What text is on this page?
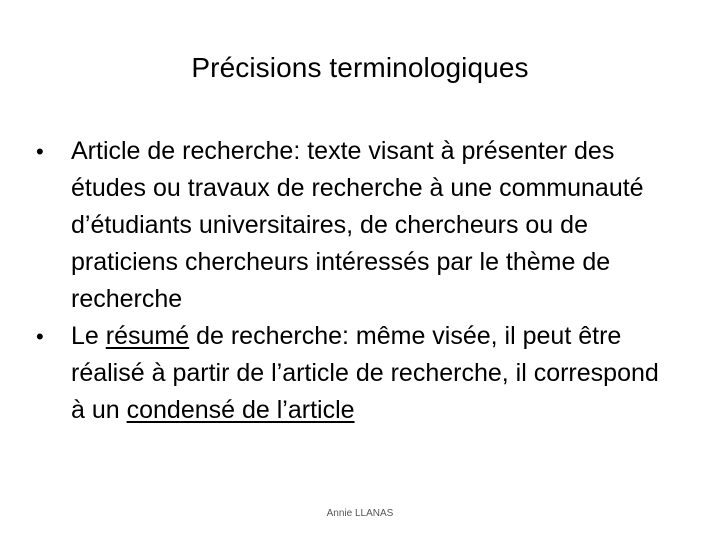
Précisions terminologiques
• Article de recherche: texte visant à présenter des études ou travaux de recherche à une communauté d’étudiants universitaires, de chercheurs ou de praticiens chercheurs intéressés par le thème de recherche
• Le résumé de recherche: même visée, il peut être réalisé à partir de l’article de recherche, il correspond à un condensé de l’article
Annie LLANAS
